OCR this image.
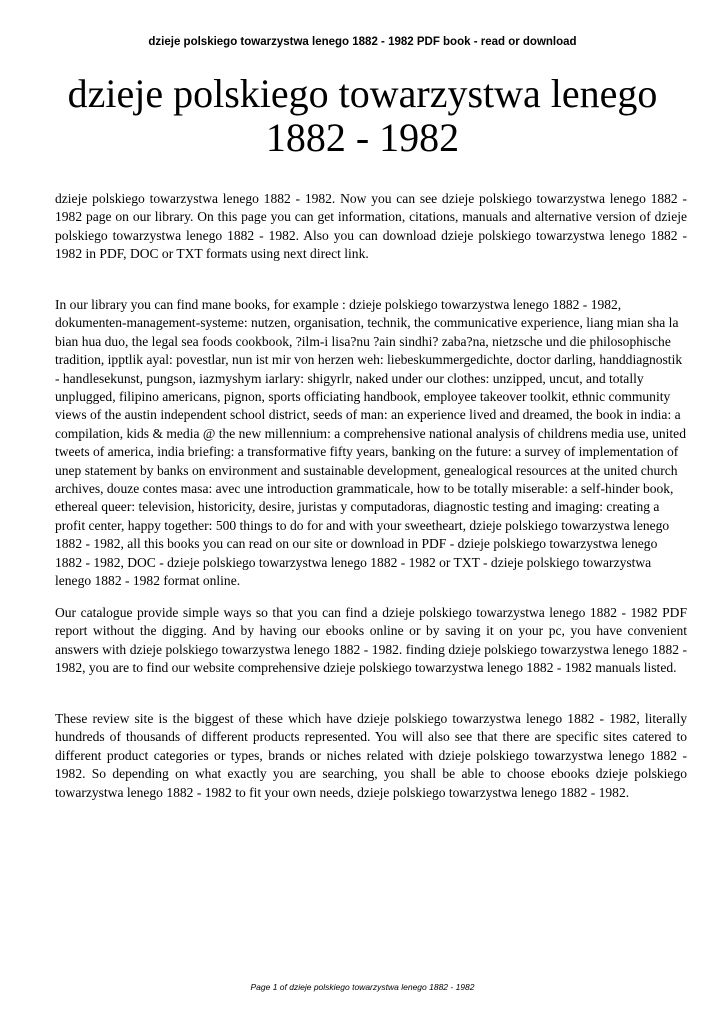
dzieje polskiego towarzystwa lenego 1882 - 1982 PDF book - read or download
dzieje polskiego towarzystwa lenego 1882 - 1982

dzieje polskiego towarzystwa lenego 1882 - 1982. Now you can see dzieje polskiego towarzystwa lenego 1882 - 1982 page on our library. On this page you can get information, citations, manuals and alternative version of dzieje polskiego towarzystwa lenego 1882 - 1982. Also you can download dzieje polskiego towarzystwa lenego 1882 - 1982 in PDF, DOC or TXT formats using next direct link.

In our library you can find mane books, for example : dzieje polskiego towarzystwa lenego 1882 - 1982, dokumenten-management-systeme: nutzen, organisation, technik, the communicative experience, liang mian sha la bian hua duo, the legal sea foods cookbook, ?ilm-i lisa?nu ?ain sindhi? zaba?na, nietzsche und die philosophische tradition, ipptlik ayal: povestlar, nun ist mir von herzen weh: liebeskummergedichte, doctor darling, handdiagnostik - handlesekunst, pungson, iazmyshym iarlary: shigyrlr, naked under our clothes: unzipped, uncut, and totally unplugged, filipino americans, pignon, sports officiating handbook, employee takeover toolkit, ethnic community views of the austin independent school district, seeds of man: an experience lived and dreamed, the book in india: a compilation, kids & media @ the new millennium: a comprehensive national analysis of childrens media use, united tweets of america, india briefing: a transformative fifty years, banking on the future: a survey of implementation of unep statement by banks on environment and sustainable development, genealogical resources at the united church archives, douze contes masa: avec une introduction grammaticale, how to be totally miserable: a self-hinder book, ethereal queer: television, historicity, desire, juristas y computadoras, diagnostic testing and imaging: creating a profit center, happy together: 500 things to do for and with your sweetheart, dzieje polskiego towarzystwa lenego 1882 - 1982, all this books you can read on our site or download in PDF - dzieje polskiego towarzystwa lenego 1882 - 1982, DOC - dzieje polskiego towarzystwa lenego 1882 - 1982 or TXT - dzieje polskiego towarzystwa lenego 1882 - 1982 format online.

Our catalogue provide simple ways so that you can find a dzieje polskiego towarzystwa lenego 1882 - 1982 PDF report without the digging. And by having our ebooks online or by saving it on your pc, you have convenient answers with dzieje polskiego towarzystwa lenego 1882 - 1982. finding dzieje polskiego towarzystwa lenego 1882 - 1982, you are to find our website comprehensive dzieje polskiego towarzystwa lenego 1882 - 1982 manuals listed.

These review site is the biggest of these which have dzieje polskiego towarzystwa lenego 1882 - 1982, literally hundreds of thousands of different products represented. You will also see that there are specific sites catered to different product categories or types, brands or niches related with dzieje polskiego towarzystwa lenego 1882 - 1982. So depending on what exactly you are searching, you shall be able to choose ebooks dzieje polskiego towarzystwa lenego 1882 - 1982 to fit your own needs, dzieje polskiego towarzystwa lenego 1882 - 1982.

Page 1 of dzieje polskiego towarzystwa lenego 1882 - 1982
